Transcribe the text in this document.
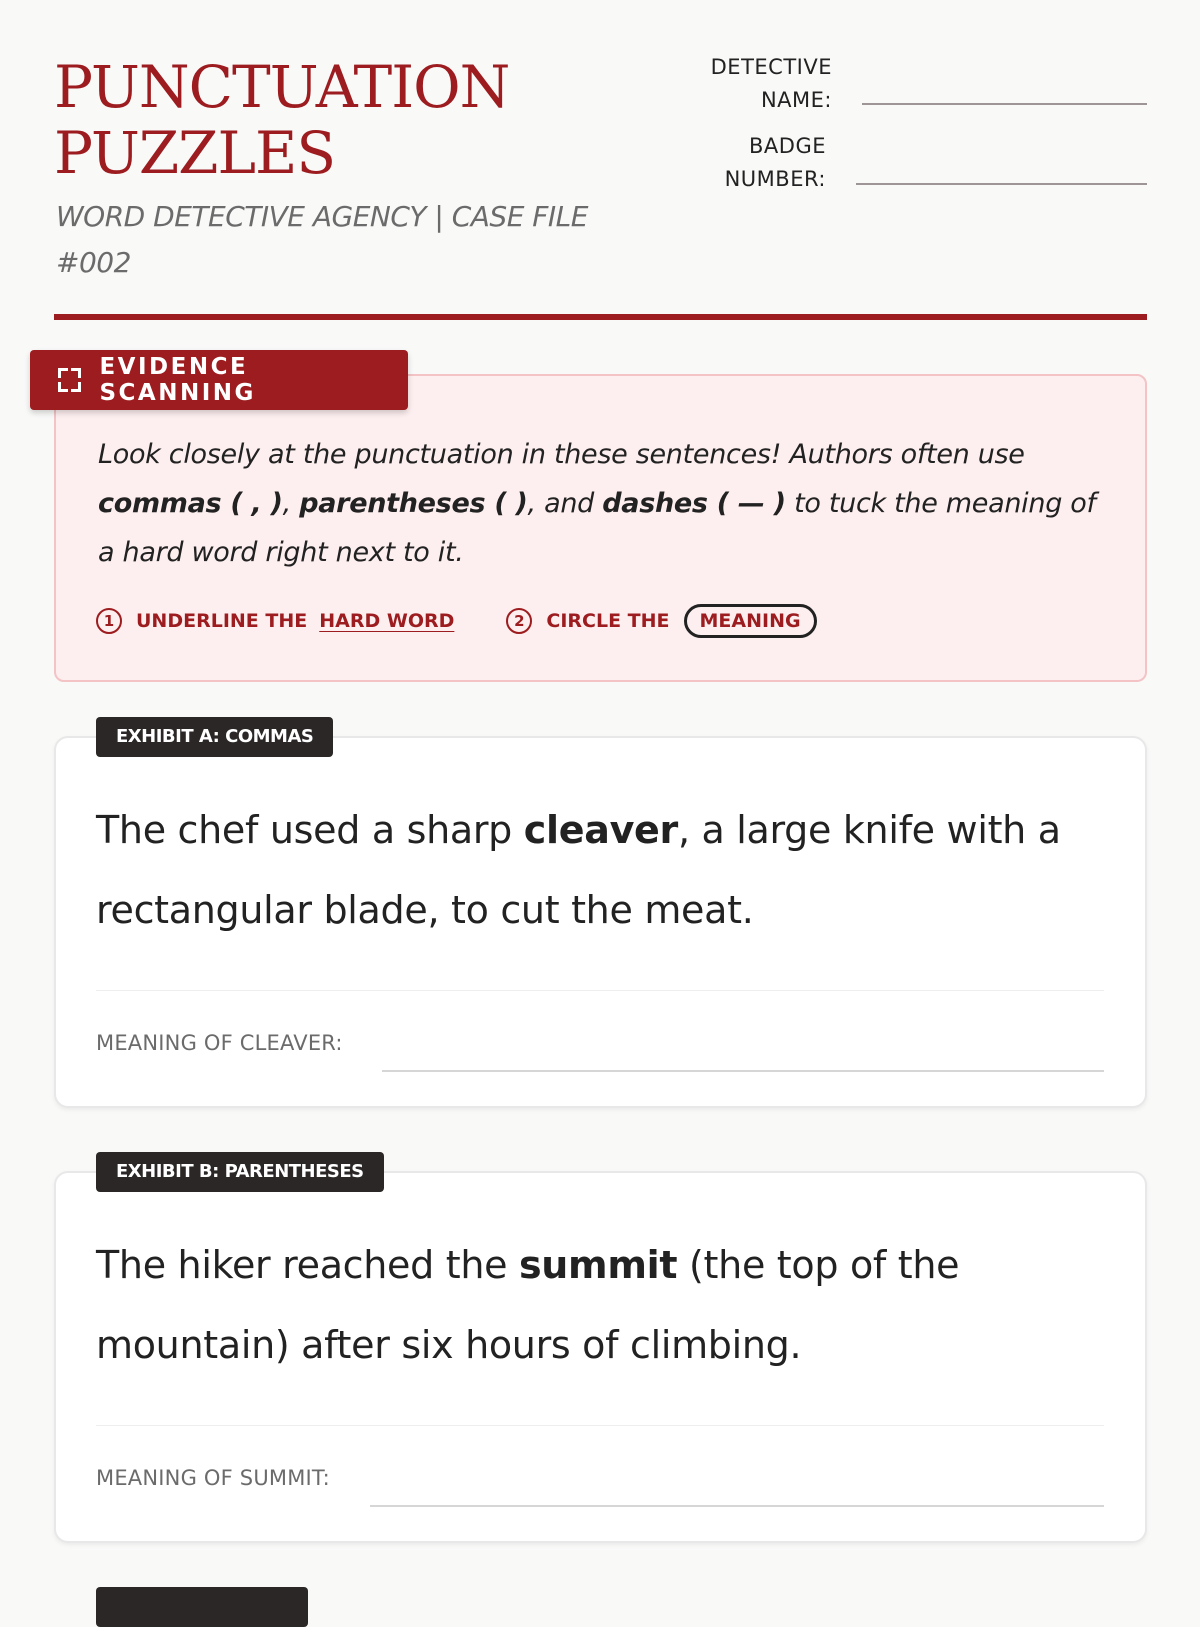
PUNCTUATION
PUZZLES
WORD DETECTIVE AGENCY | CASE FILE #002
DETECTIVE
NAME:
BADGE
NUMBER:
EVIDENCE SCANNING
Look closely at the punctuation in these sentences! Authors often use commas ( , ), parentheses ( ), and dashes ( — ) to tuck the meaning of a hard word right next to it.
1	UNDERLINE THE HARD WORD	2	CIRCLE THE	MEANING
EXHIBIT A: COMMAS
The chef used a sharp cleaver, a large knife with a rectangular blade, to cut the meat.
MEANING OF CLEAVER:
EXHIBIT B: PARENTHESES
The hiker reached the summit (the top of the mountain) after six hours of climbing.
MEANING OF SUMMIT:
